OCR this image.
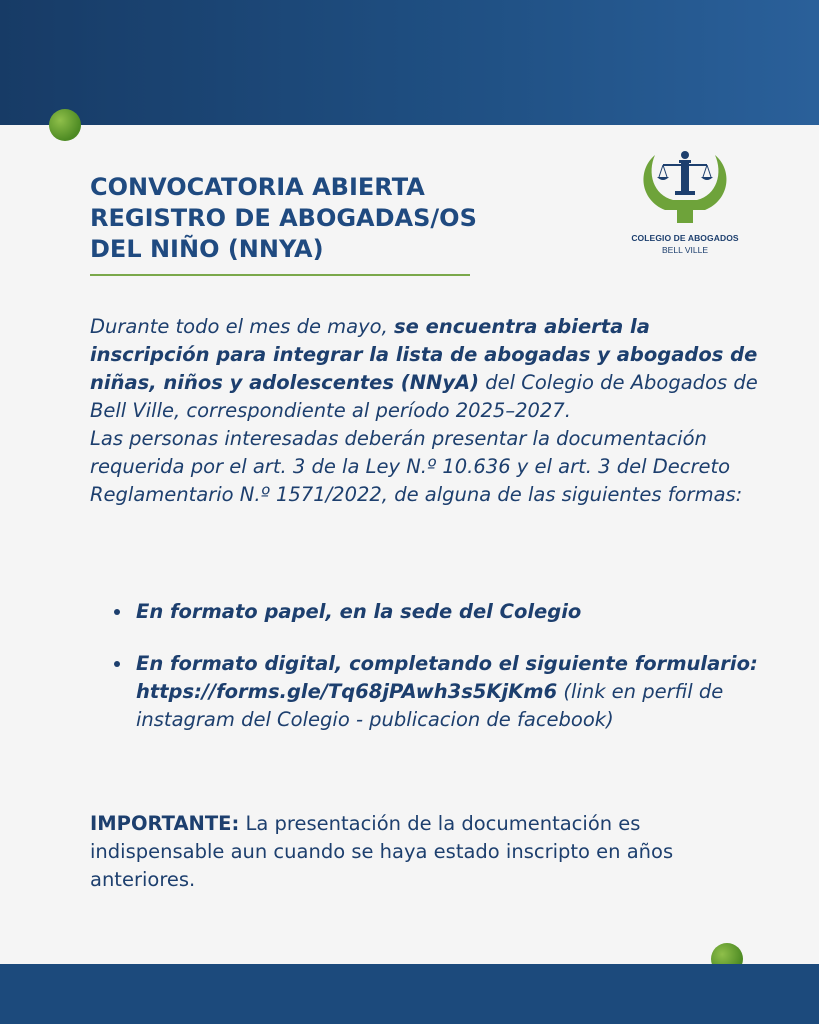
CONVOCATORIA ABIERTA
REGISTRO DE ABOGADAS/OS
DEL NIÑO (NNYA)	COLEGIO DE ABOGADOS
BELL VILLE
Durante todo el mes de mayo, se encuentra abierta la inscripción para integrar la lista de abogadas y abogados de niñas, niños y adolescentes (NNyA) del Colegio de Abogados de Bell Ville, correspondiente al período 2025–2027.
Las personas interesadas deberán presentar la documentación requerida por el art. 3 de la Ley N.º 10.636 y el art. 3 del Decreto Reglamentario N.º 1571/2022, de alguna de las siguientes formas:
En formato papel, en la sede del Colegio
En formato digital, completando el siguiente formulario: https://forms.gle/Tq68jPAwh3s5KjKm6 (link en perfil de instagram del Colegio - publicacion de facebook)
IMPORTANTE: La presentación de la documentación es indispensable aun cuando se haya estado inscripto en años anteriores.
